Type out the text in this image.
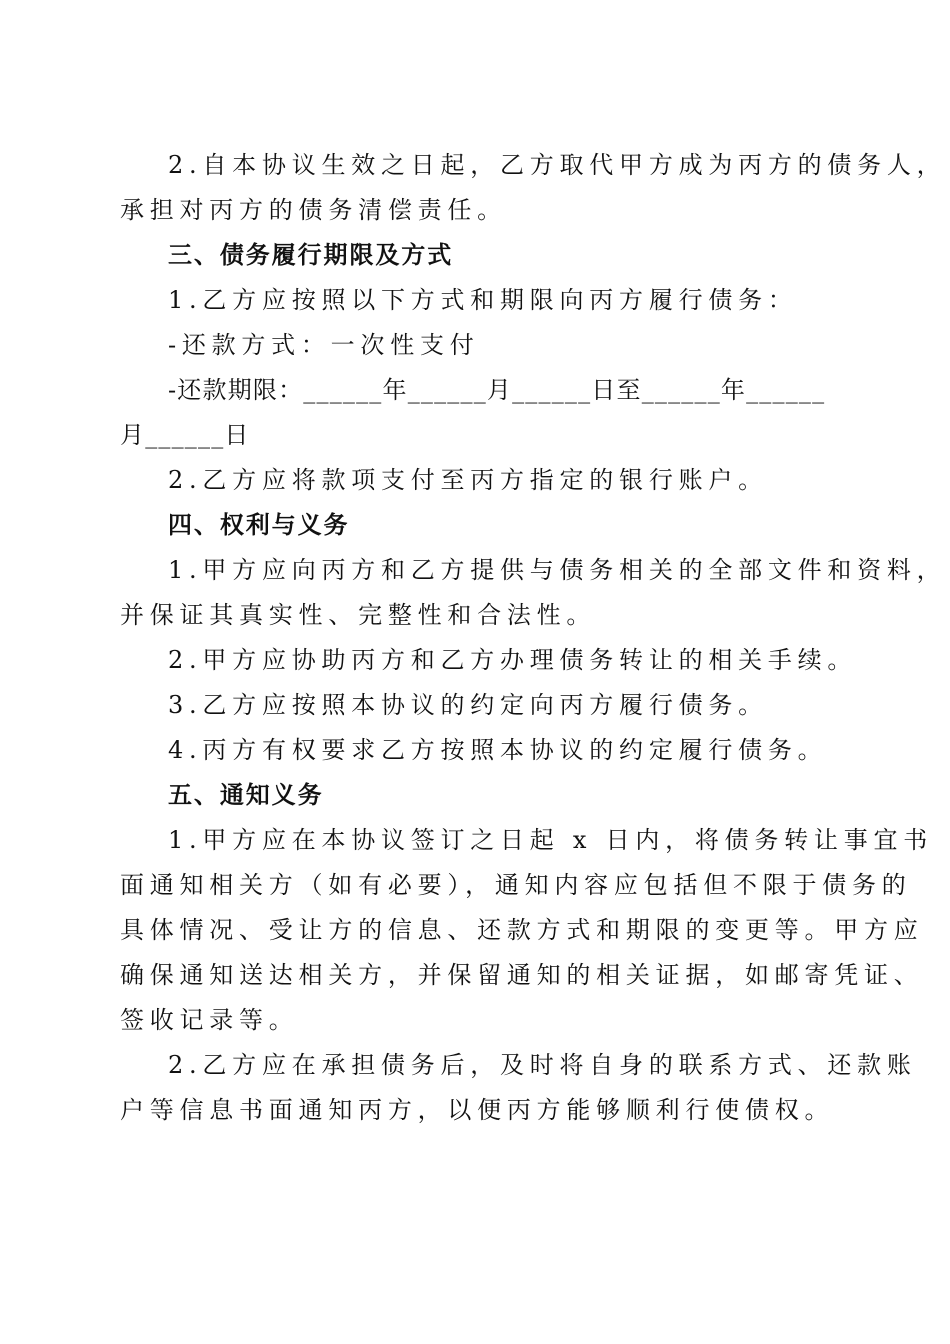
2.自本协议生效之日起，乙方取代甲方成为丙方的债务人，
承担对丙方的债务清偿责任。
三、债务履行期限及方式
1.乙方应按照以下方式和期限向丙方履行债务：
-还款方式：一次性支付
-还款期限：______年______月______日至______年______
月______日
2.乙方应将款项支付至丙方指定的银行账户。
四、权利与义务
1.甲方应向丙方和乙方提供与债务相关的全部文件和资料，
并保证其真实性、完整性和合法性。
2.甲方应协助丙方和乙方办理债务转让的相关手续。
3.乙方应按照本协议的约定向丙方履行债务。
4.丙方有权要求乙方按照本协议的约定履行债务。
五、通知义务
1.甲方应在本协议签订之日起 x 日内，将债务转让事宜书
面通知相关方（如有必要），通知内容应包括但不限于债务的
具体情况、受让方的信息、还款方式和期限的变更等。甲方应
确保通知送达相关方，并保留通知的相关证据，如邮寄凭证、
签收记录等。
2.乙方应在承担债务后，及时将自身的联系方式、还款账
户等信息书面通知丙方，以便丙方能够顺利行使债权。
